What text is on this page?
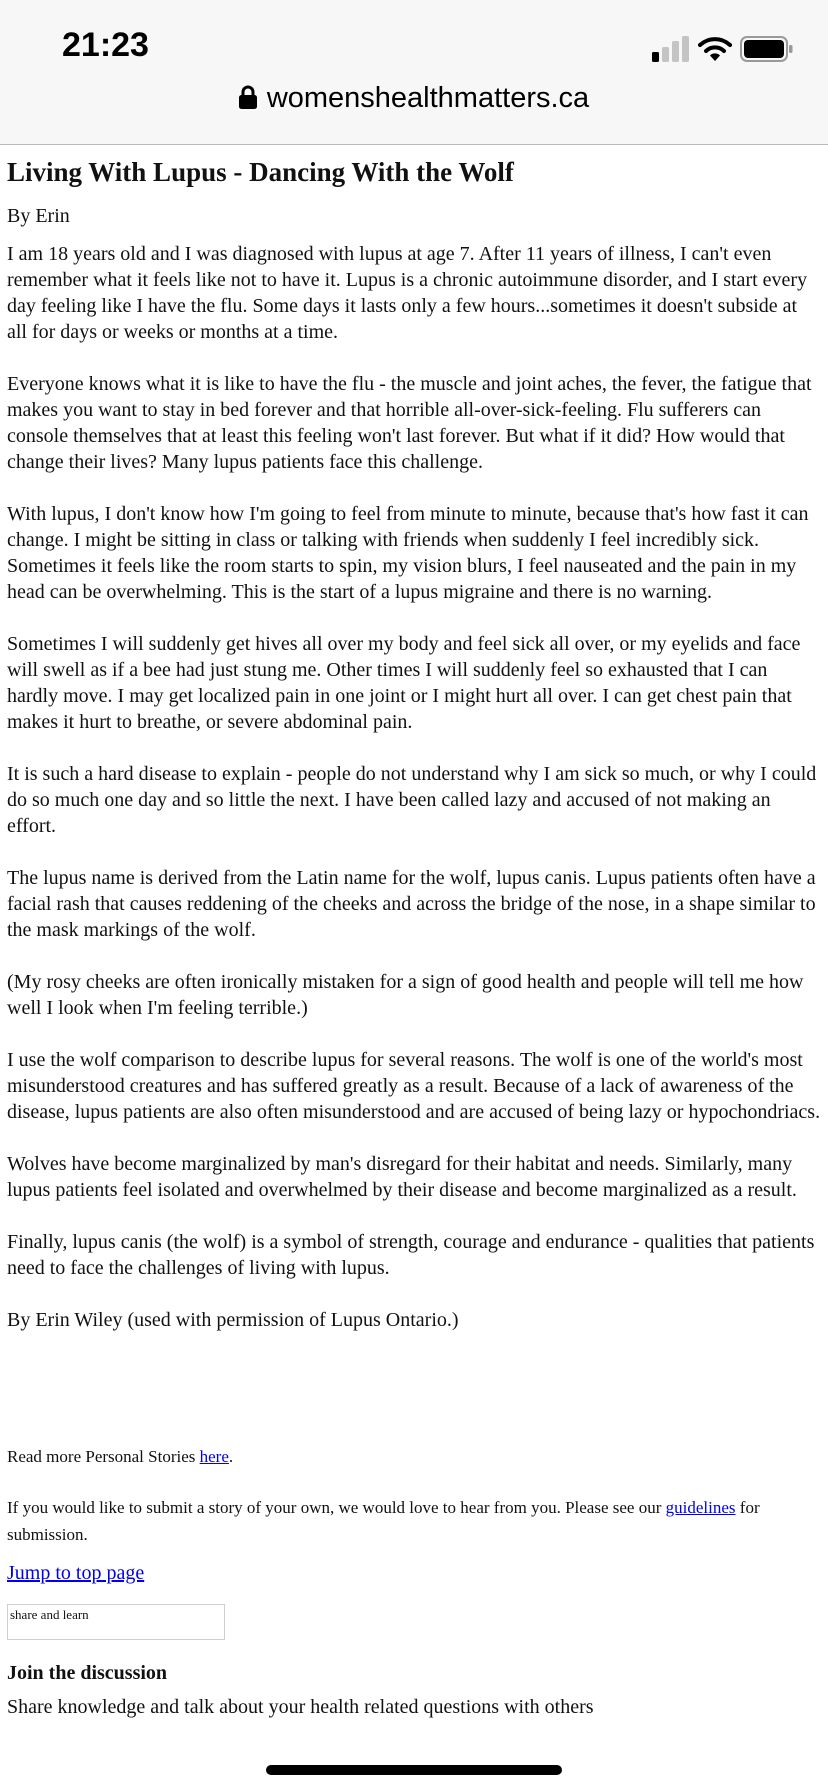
21:23
womenshealthmatters.ca
Living With Lupus - Dancing With the Wolf

By Erin

I am 18 years old and I was diagnosed with lupus at age 7. After 11 years of illness, I can't even remember what it feels like not to have it. Lupus is a chronic autoimmune disorder, and I start every day feeling like I have the flu. Some days it lasts only a few hours...sometimes it doesn't subside at all for days or weeks or months at a time.

Everyone knows what it is like to have the flu - the muscle and joint aches, the fever, the fatigue that makes you want to stay in bed forever and that horrible all-over-sick-feeling. Flu sufferers can console themselves that at least this feeling won't last forever. But what if it did? How would that change their lives? Many lupus patients face this challenge.

With lupus, I don't know how I'm going to feel from minute to minute, because that's how fast it can change. I might be sitting in class or talking with friends when suddenly I feel incredibly sick. Sometimes it feels like the room starts to spin, my vision blurs, I feel nauseated and the pain in my head can be overwhelming. This is the start of a lupus migraine and there is no warning.

Sometimes I will suddenly get hives all over my body and feel sick all over, or my eyelids and face will swell as if a bee had just stung me. Other times I will suddenly feel so exhausted that I can hardly move. I may get localized pain in one joint or I might hurt all over. I can get chest pain that makes it hurt to breathe, or severe abdominal pain.

It is such a hard disease to explain - people do not understand why I am sick so much, or why I could do so much one day and so little the next. I have been called lazy and accused of not making an effort.

The lupus name is derived from the Latin name for the wolf, lupus canis. Lupus patients often have a facial rash that causes reddening of the cheeks and across the bridge of the nose, in a shape similar to the mask markings of the wolf.

(My rosy cheeks are often ironically mistaken for a sign of good health and people will tell me how well I look when I'm feeling terrible.)

I use the wolf comparison to describe lupus for several reasons. The wolf is one of the world's most misunderstood creatures and has suffered greatly as a result. Because of a lack of awareness of the disease, lupus patients are also often misunderstood and are accused of being lazy or hypochondriacs.

Wolves have become marginalized by man's disregard for their habitat and needs. Similarly, many lupus patients feel isolated and overwhelmed by their disease and become marginalized as a result.

Finally, lupus canis (the wolf) is a symbol of strength, courage and endurance - qualities that patients need to face the challenges of living with lupus.

By Erin Wiley (used with permission of Lupus Ontario.)

Read more Personal Stories here.

If you would like to submit a story of your own, we would love to hear from you. Please see our guidelines for submission.

Jump to top page
share and learn
Join the discussion
Share knowledge and talk about your health related questions with others
